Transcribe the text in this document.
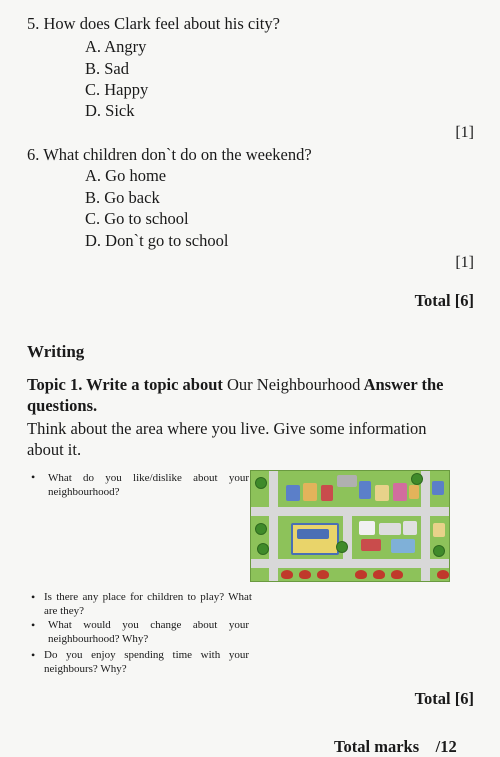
5. How does Clark feel about his city?
A. Angry
B. Sad
C. Happy
D. Sick
[1]
6. What children don`t do on the weekend?
A. Go home
B. Go back
C. Go to school
D. Don`t go to school
[1]
Total [6]
Writing
Topic 1. Write a topic about Our Neighbourhood Answer the questions.
Think about the area where you live. Give some information about it.
• What do you like/dislike about your neighbourhood?
• Is there any place for children to play? What are they?
• What would you change about your neighbourhood? Why?
• Do you enjoy spending time with your neighbours? Why?
Total [6]
Total marks    /12
